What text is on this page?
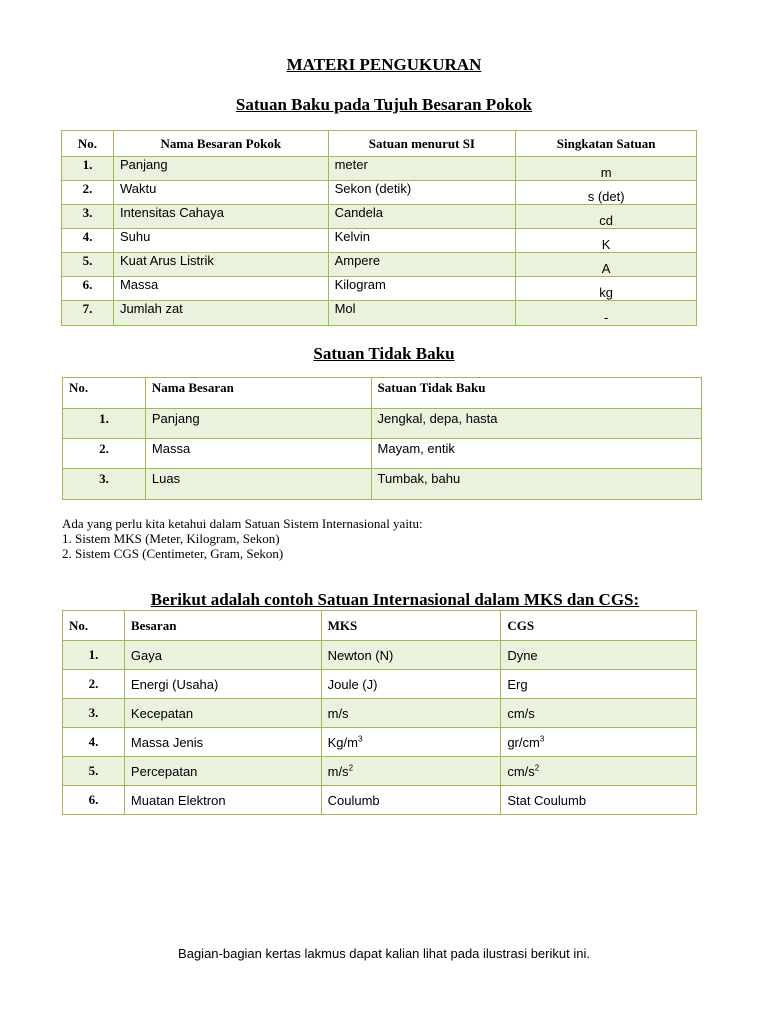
MATERI PENGUKURAN
Satuan Baku pada Tujuh Besaran Pokok
No.	Nama Besaran Pokok	Satuan menurut SI	Singkatan Satuan
1.	Panjang	meter	m
2.	Waktu	Sekon (detik)	s (det)
3.	Intensitas Cahaya	Candela	cd
4.	Suhu	Kelvin	K
5.	Kuat Arus Listrik	Ampere	A
6.	Massa	Kilogram	kg
7.	Jumlah zat	Mol	-
Satuan Tidak Baku
No.	Nama Besaran	Satuan Tidak Baku
1.	Panjang	Jengkal, depa, hasta
2.	Massa	Mayam, entik
3.	Luas	Tumbak, bahu
Ada yang perlu kita ketahui dalam Satuan Sistem Internasional yaitu:
1. Sistem MKS (Meter, Kilogram, Sekon)
2. Sistem CGS (Centimeter, Gram, Sekon)
Berikut adalah contoh Satuan Internasional dalam MKS dan CGS:
No.	Besaran	MKS	CGS
1.	Gaya	Newton (N)	Dyne
2.	Energi (Usaha)	Joule (J)	Erg
3.	Kecepatan	m/s	cm/s
4.	Massa Jenis	$Kg/m^3$	$gr/cm^3$
5.	Percepatan	$m/s^2$	$cm/s^2$
6.	Muatan Elektron	Coulumb	Stat Coulumb
Bagian-bagian kertas lakmus dapat kalian lihat pada ilustrasi berikut ini.
